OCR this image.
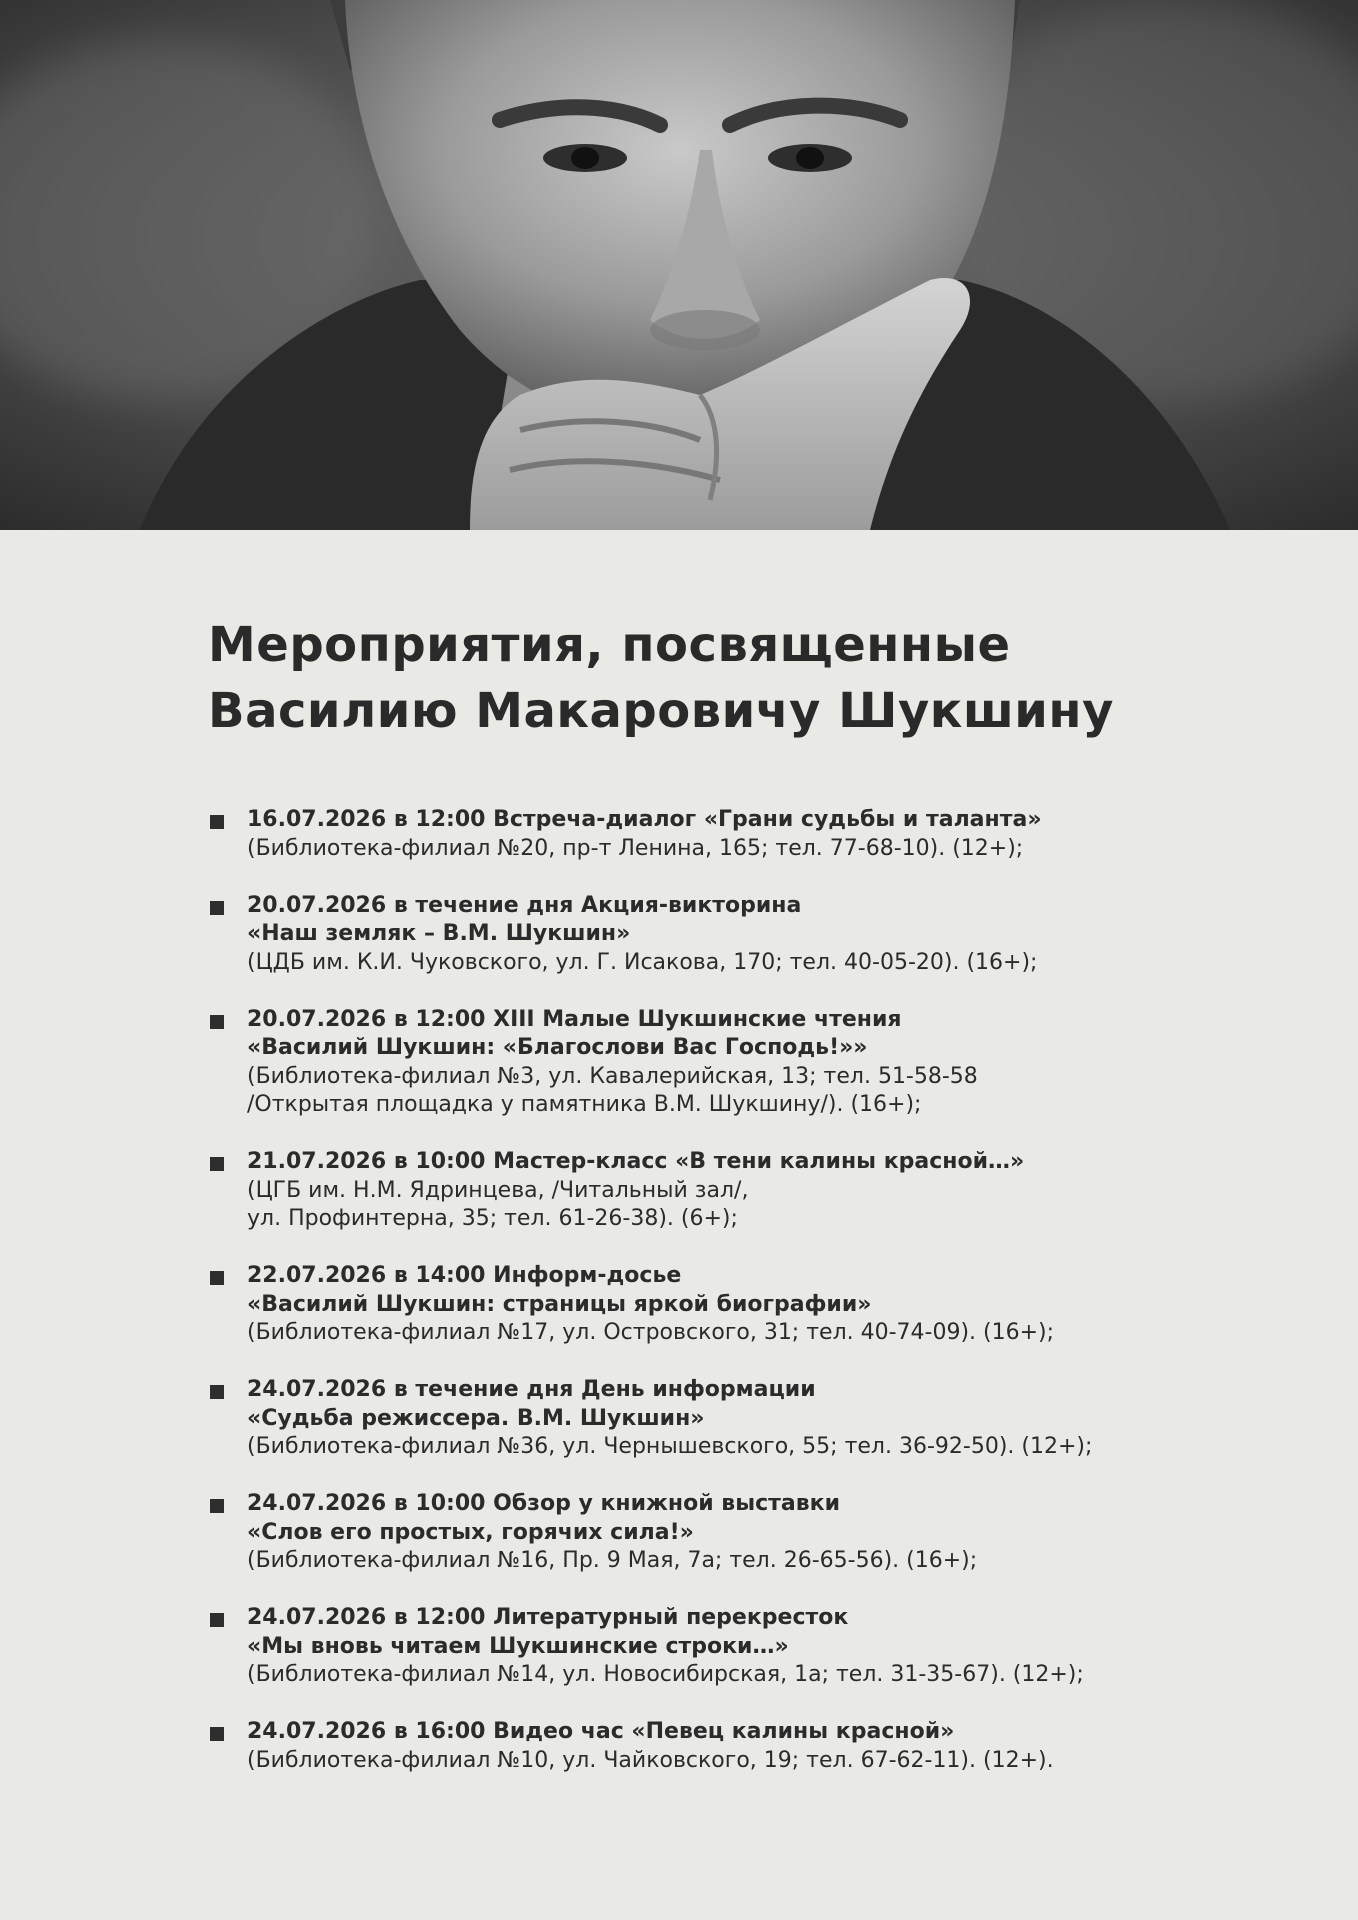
Мероприятия, посвященные
Василию Макаровичу Шукшину
16.07.2026 в 12:00 Встреча-диалог «Грани судьбы и таланта»
(Библиотека-филиал №20, пр-т Ленина, 165; тел. 77-68-10). (12+);
20.07.2026 в течение дня Акция-викторина
«Наш земляк – В.М. Шукшин»
(ЦДБ им. К.И. Чуковского, ул. Г. Исакова, 170; тел. 40-05-20). (16+);
20.07.2026 в 12:00 XIII Малые Шукшинские чтения
«Василий Шукшин: «Благослови Вас Господь!»»
(Библиотека-филиал №3, ул. Кавалерийская, 13; тел. 51-58-58
/Открытая площадка у памятника В.М. Шукшину/). (16+);
21.07.2026 в 10:00 Мастер-класс «В тени калины красной…»
(ЦГБ им. Н.М. Ядринцева, /Читальный зал/,
ул. Профинтерна, 35; тел. 61-26-38). (6+);
22.07.2026 в 14:00 Информ-досье
«Василий Шукшин: страницы яркой биографии»
(Библиотека-филиал №17, ул. Островского, 31; тел. 40-74-09). (16+);
24.07.2026 в течение дня День информации
«Судьба режиссера. В.М. Шукшин»
(Библиотека-филиал №36, ул. Чернышевского, 55; тел. 36-92-50). (12+);
24.07.2026 в 10:00 Обзор у книжной выставки
«Слов его простых, горячих сила!»
(Библиотека-филиал №16, Пр. 9 Мая, 7а; тел. 26-65-56). (16+);
24.07.2026 в 12:00 Литературный перекресток
«Мы вновь читаем Шукшинские строки…»
(Библиотека-филиал №14, ул. Новосибирская, 1а; тел. 31-35-67). (12+);
24.07.2026 в 16:00 Видео час «Певец калины красной»
(Библиотека-филиал №10, ул. Чайковского, 19; тел. 67-62-11). (12+).
